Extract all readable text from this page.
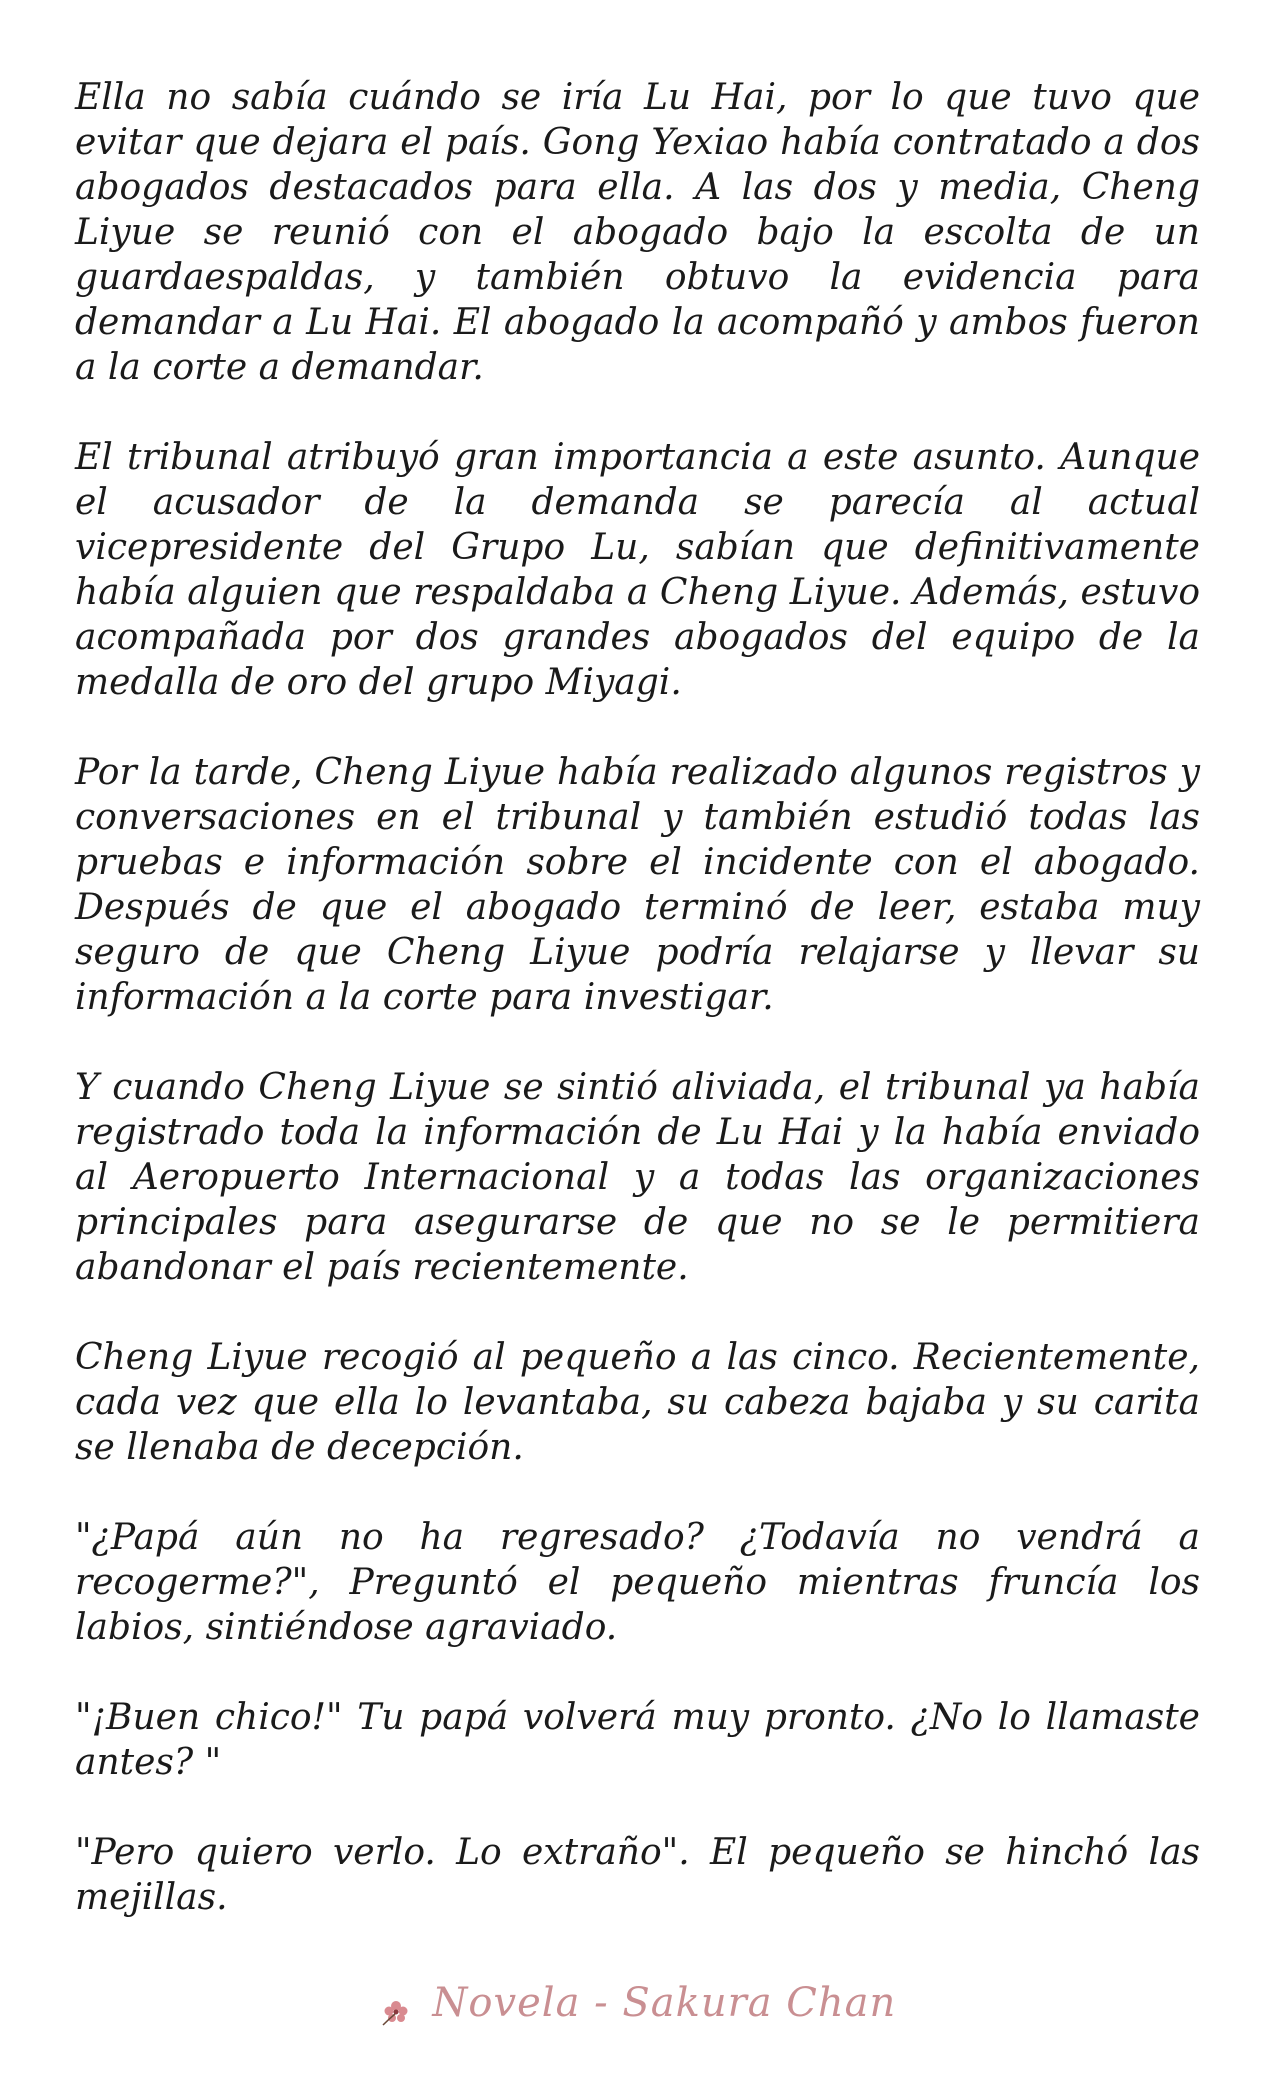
Ella no sabía cuándo se iría Lu Hai, por lo que tuvo que evitar que dejara el país. Gong Yexiao había contratado a dos abogados destacados para ella. A las dos y media, Cheng Liyue se reunió con el abogado bajo la escolta de un guardaespaldas, y también obtuvo la evidencia para demandar a Lu Hai. El abogado la acompañó y ambos fueron a la corte a demandar.

El tribunal atribuyó gran importancia a este asunto. Aunque el acusador de la demanda se parecía al actual vicepresidente del Grupo Lu, sabían que definitivamente había alguien que respaldaba a Cheng Liyue. Además, estuvo acompañada por dos grandes abogados del equipo de la medalla de oro del grupo Miyagi.

Por la tarde, Cheng Liyue había realizado algunos registros y conversaciones en el tribunal y también estudió todas las pruebas e información sobre el incidente con el abogado. Después de que el abogado terminó de leer, estaba muy seguro de que Cheng Liyue podría relajarse y llevar su información a la corte para investigar.

Y cuando Cheng Liyue se sintió aliviada, el tribunal ya había registrado toda la información de Lu Hai y la había enviado al Aeropuerto Internacional y a todas las organizaciones principales para asegurarse de que no se le permitiera abandonar el país recientemente.

Cheng Liyue recogió al pequeño a las cinco. Recientemente, cada vez que ella lo levantaba, su cabeza bajaba y su carita se llenaba de decepción.

"¿Papá aún no ha regresado? ¿Todavía no vendrá a recogerme?", Preguntó el pequeño mientras fruncía los labios, sintiéndose agraviado.

"¡Buen chico!" Tu papá volverá muy pronto. ¿No lo llamaste antes? "

"Pero quiero verlo. Lo extraño". El pequeño se hinchó las mejillas.

Novela - Sakura Chan
